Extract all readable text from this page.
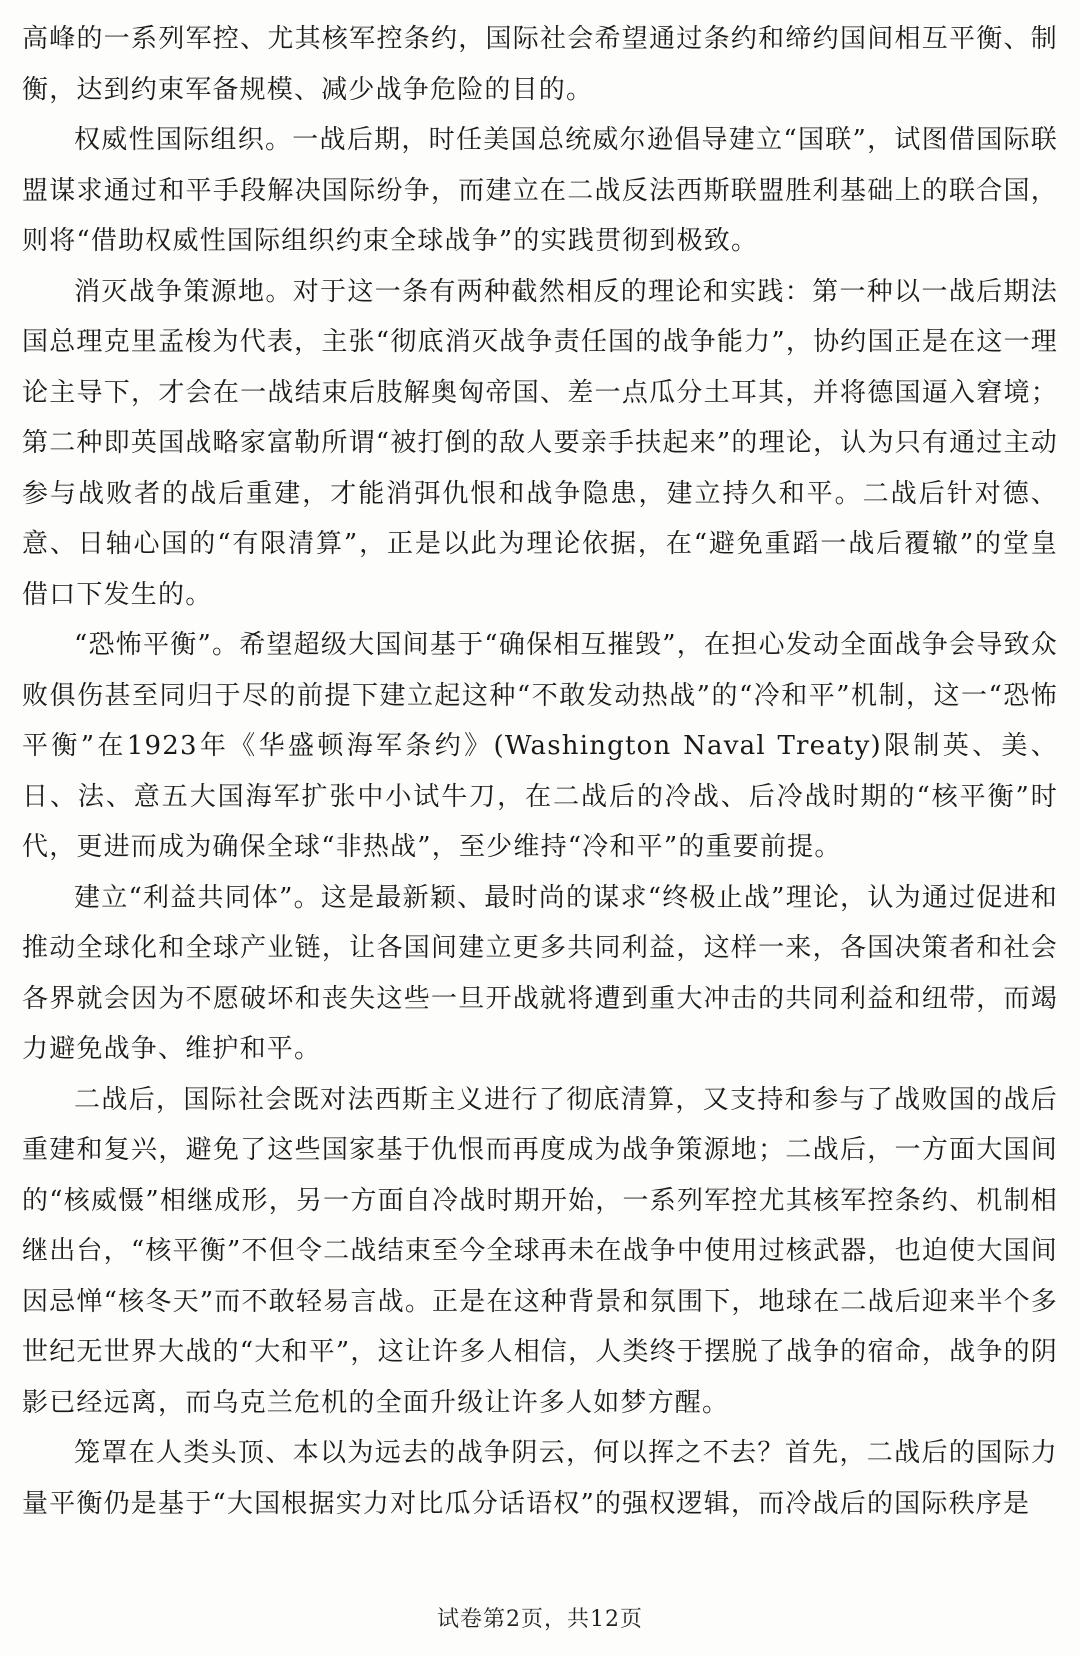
高峰的一系列军控、尤其核军控条约，国际社会希望通过条约和缔约国间相互平衡、制衡，达到约束军备规模、减少战争危险的目的。

权威性国际组织。一战后期，时任美国总统威尔逊倡导建立“国联”，试图借国际联盟谋求通过和平手段解决国际纷争，而建立在二战反法西斯联盟胜利基础上的联合国，则将“借助权威性国际组织约束全球战争”的实践贯彻到极致。

消灭战争策源地。对于这一条有两种截然相反的理论和实践：第一种以一战后期法国总理克里孟梭为代表，主张“彻底消灭战争责任国的战争能力”，协约国正是在这一理论主导下，才会在一战结束后肢解奥匈帝国、差一点瓜分土耳其，并将德国逼入窘境；第二种即英国战略家富勒所谓“被打倒的敌人要亲手扶起来”的理论，认为只有通过主动参与战败者的战后重建，才能消弭仇恨和战争隐患，建立持久和平。二战后针对德、意、日轴心国的“有限清算”，正是以此为理论依据，在“避免重蹈一战后覆辙”的堂皇借口下发生的。

“恐怖平衡”。希望超级大国间基于“确保相互摧毁”，在担心发动全面战争会导致众败俱伤甚至同归于尽的前提下建立起这种“不敢发动热战”的“冷和平”机制，这一“恐怖平衡”在1923年《华盛顿海军条约》(Washington Naval Treaty)限制英、美、日、法、意五大国海军扩张中小试牛刀，在二战后的冷战、后冷战时期的“核平衡”时代，更进而成为确保全球“非热战”，至少维持“冷和平”的重要前提。

建立“利益共同体”。这是最新颖、最时尚的谋求“终极止战”理论，认为通过促进和推动全球化和全球产业链，让各国间建立更多共同利益，这样一来，各国决策者和社会各界就会因为不愿破坏和丧失这些一旦开战就将遭到重大冲击的共同利益和纽带，而竭力避免战争、维护和平。

二战后，国际社会既对法西斯主义进行了彻底清算，又支持和参与了战败国的战后重建和复兴，避免了这些国家基于仇恨而再度成为战争策源地；二战后，一方面大国间的“核威慑”相继成形，另一方面自冷战时期开始，一系列军控尤其核军控条约、机制相继出台，“核平衡”不但令二战结束至今全球再未在战争中使用过核武器，也迫使大国间因忌惮“核冬天”而不敢轻易言战。正是在这种背景和氛围下，地球在二战后迎来半个多世纪无世界大战的“大和平”，这让许多人相信，人类终于摆脱了战争的宿命，战争的阴影已经远离，而乌克兰危机的全面升级让许多人如梦方醒。

笼罩在人类头顶、本以为远去的战争阴云，何以挥之不去？首先，二战后的国际力量平衡仍是基于“大国根据实力对比瓜分话语权”的强权逻辑，而冷战后的国际秩序是

试卷第2页，共12页
